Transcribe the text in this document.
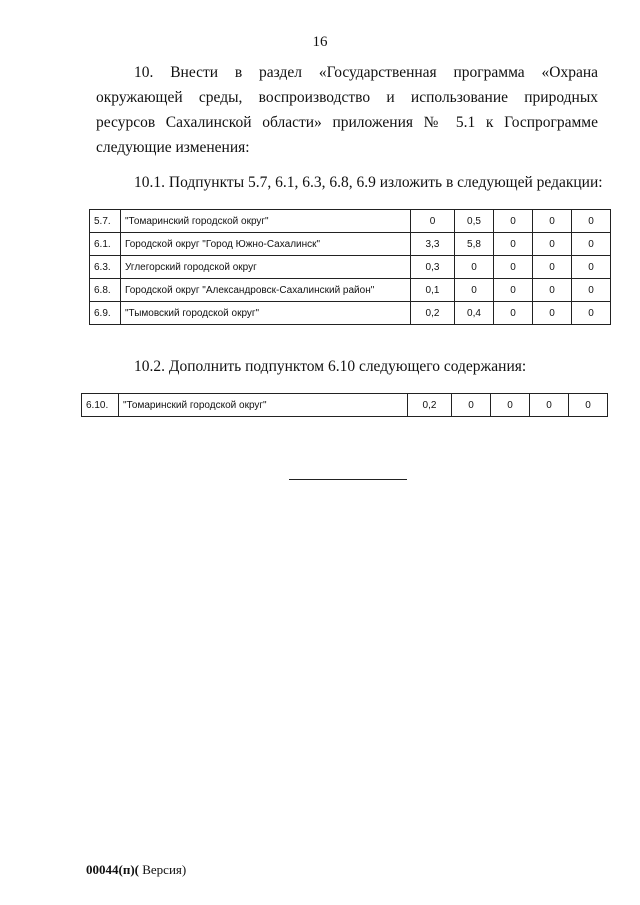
16
10. Внести в раздел «Государственная программа «Охрана окружающей среды, воспроизводство и использование природных ресурсов Сахалинской области» приложения № 5.1 к Госпрограмме следующие изменения:
10.1. Подпункты 5.7, 6.1, 6.3, 6.8, 6.9 изложить в следующей редакции:
5.7.	"Томаринский городской округ"	0	0,5	0	0	0
6.1.	Городской округ "Город Южно-Сахалинск"	3,3	5,8	0	0	0
6.3.	Углегорский городской округ	0,3	0	0	0	0
6.8.	Городской округ "Александровск-Сахалинский район"	0,1	0	0	0	0
6.9.	"Тымовский городской округ"	0,2	0,4	0	0	0
10.2. Дополнить подпунктом 6.10 следующего содержания:
6.10.	"Томаринский городской округ"	0,2	0	0	0	0
00044(п)( Версия)
